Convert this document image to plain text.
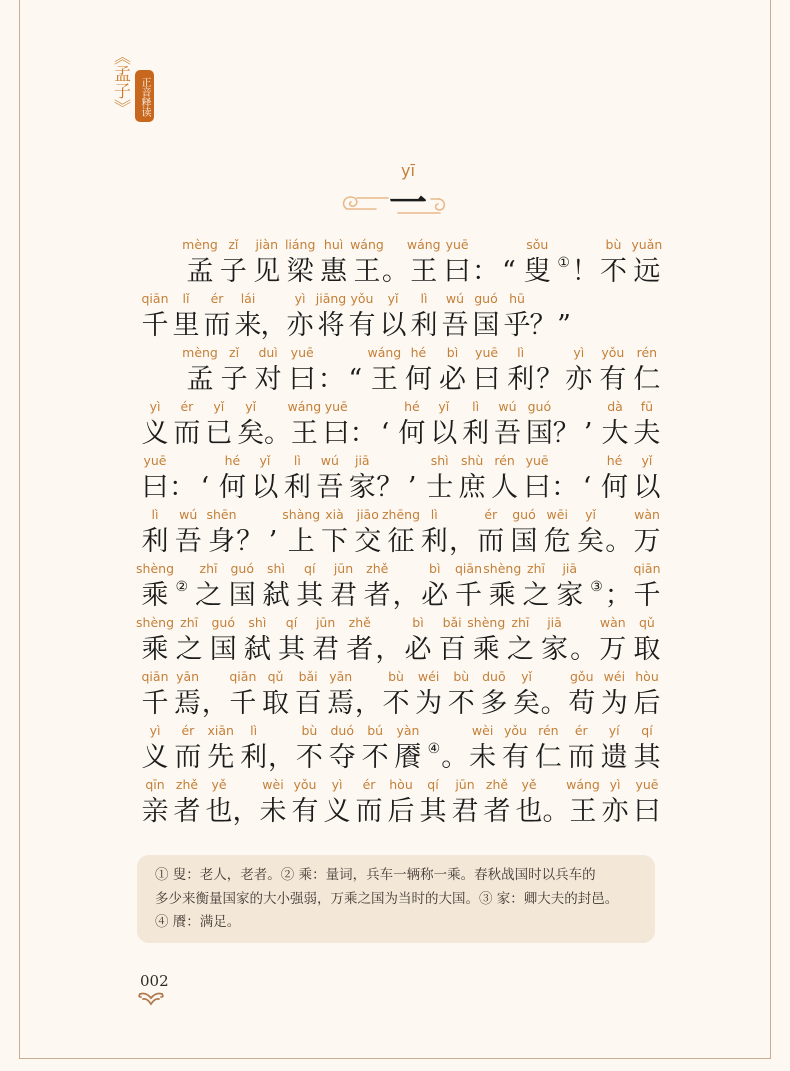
《孟子》 正音释读
yī
一
mèng
孟
zǐ
子
jiàn
见
liáng
梁
huì
惠
wáng
王 。
wáng
王
yuē
曰 ： “
sǒu
叟 ① ！
bù
不
yuǎn
远
qiān
千
lǐ
里
ér
而
lái
来 ，
yì
亦
jiāng
将
yǒu
有
yǐ
以
lì
利
wú
吾
guó
国
hū
乎 ？ ”
mèng
孟
zǐ
子
duì
对
yuē
曰 ： “
wáng
王
hé
何
bì
必
yuē
曰
lì
利 ？
yì
亦
yǒu
有
rén
仁
yì
义
ér
而
yǐ
已
yǐ
矣 。
wáng
王
yuē
曰 ： ‘
hé
何
yǐ
以
lì
利
wú
吾
guó
国 ？ ’
dà
大
fū
夫
yuē
曰 ： ‘
hé
何
yǐ
以
lì
利
wú
吾
jiā
家 ？ ’
shì
士
shù
庶
rén
人
yuē
曰 ： ‘
hé
何
yǐ
以
lì
利
wú
吾
shēn
身 ？ ’
shàng
上
xià
下
jiāo
交
zhēng
征
lì
利 ，
ér
而
guó
国
wēi
危
yǐ
矣 。
wàn
万
shèng
乘 ②
zhī
之
guó
国
shì
弑
qí
其
jūn
君
zhě
者 ，
bì
必
qiān
千
shèng
乘
zhī
之
jiā
家 ③ ；
qiān
千
shèng
乘
zhī
之
guó
国
shì
弑
qí
其
jūn
君
zhě
者 ，
bì
必
bǎi
百
shèng
乘
zhī
之
jiā
家 。
wàn
万
qǔ
取
qiān
千
yān
焉 ，
qiān
千
qǔ
取
bǎi
百
yān
焉 ，
bù
不
wéi
为
bù
不
duō
多
yǐ
矣 。
gǒu
苟
wéi
为
hòu
后
yì
义
ér
而
xiān
先
lì
利 ，
bù
不
duó
夺
bú
不
yàn
餍 ④ 。
wèi
未
yǒu
有
rén
仁
ér
而
yí
遗
qí
其
qīn
亲
zhě
者
yě
也 ，
wèi
未
yǒu
有
yì
义
ér
而
hòu
后
qí
其
jūn
君
zhě
者
yě
也 。
wáng
王
yì
亦
yuē
曰
① 叟：老人，老者。② 乘：量词，兵车一辆称一乘。春秋战国时以兵车的
多少来衡量国家的大小强弱，万乘之国为当时的大国。③ 家：卿大夫的封邑。
④ 餍：满足。
002
